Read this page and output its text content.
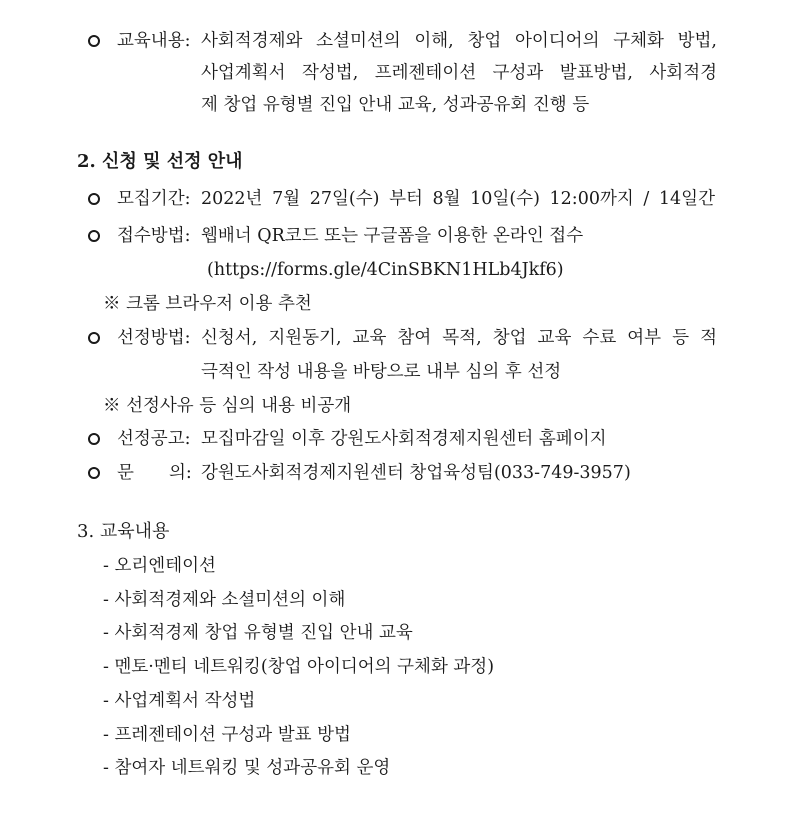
교육내용: 사회적경제와 소셜미션의 이해, 창업 아이디어의 구체화 방법,
사업계획서 작성법, 프레젠테이션 구성과 발표방법, 사회적경
제 창업 유형별 진입 안내 교육, 성과공유회 진행 등
2. 신청 및 선정 안내
모집기간: 2022년 7월 27일(수) 부터 8월 10일(수) 12:00까지 / 14일간
접수방법: 웹배너 QR코드 또는 구글폼을 이용한 온라인 접수
(https://forms.gle/4CinSBKN1HLb4Jkf6)
※ 크롬 브라우저 이용 추천
선정방법: 신청서, 지원동기, 교육 참여 목적, 창업 교육 수료 여부 등 적
극적인 작성 내용을 바탕으로 내부 심의 후 선정
※ 선정사유 등 심의 내용 비공개
선정공고: 모집마감일 이후 강원도사회적경제지원센터 홈페이지
문 의: 강원도사회적경제지원센터 창업육성팀(033-749-3957)
3. 교육내용
- 오리엔테이션
- 사회적경제와 소셜미션의 이해
- 사회적경제 창업 유형별 진입 안내 교육
- 멘토·멘티 네트워킹(창업 아이디어의 구체화 과정)
- 사업계획서 작성법
- 프레젠테이션 구성과 발표 방법
- 참여자 네트워킹 및 성과공유회 운영
